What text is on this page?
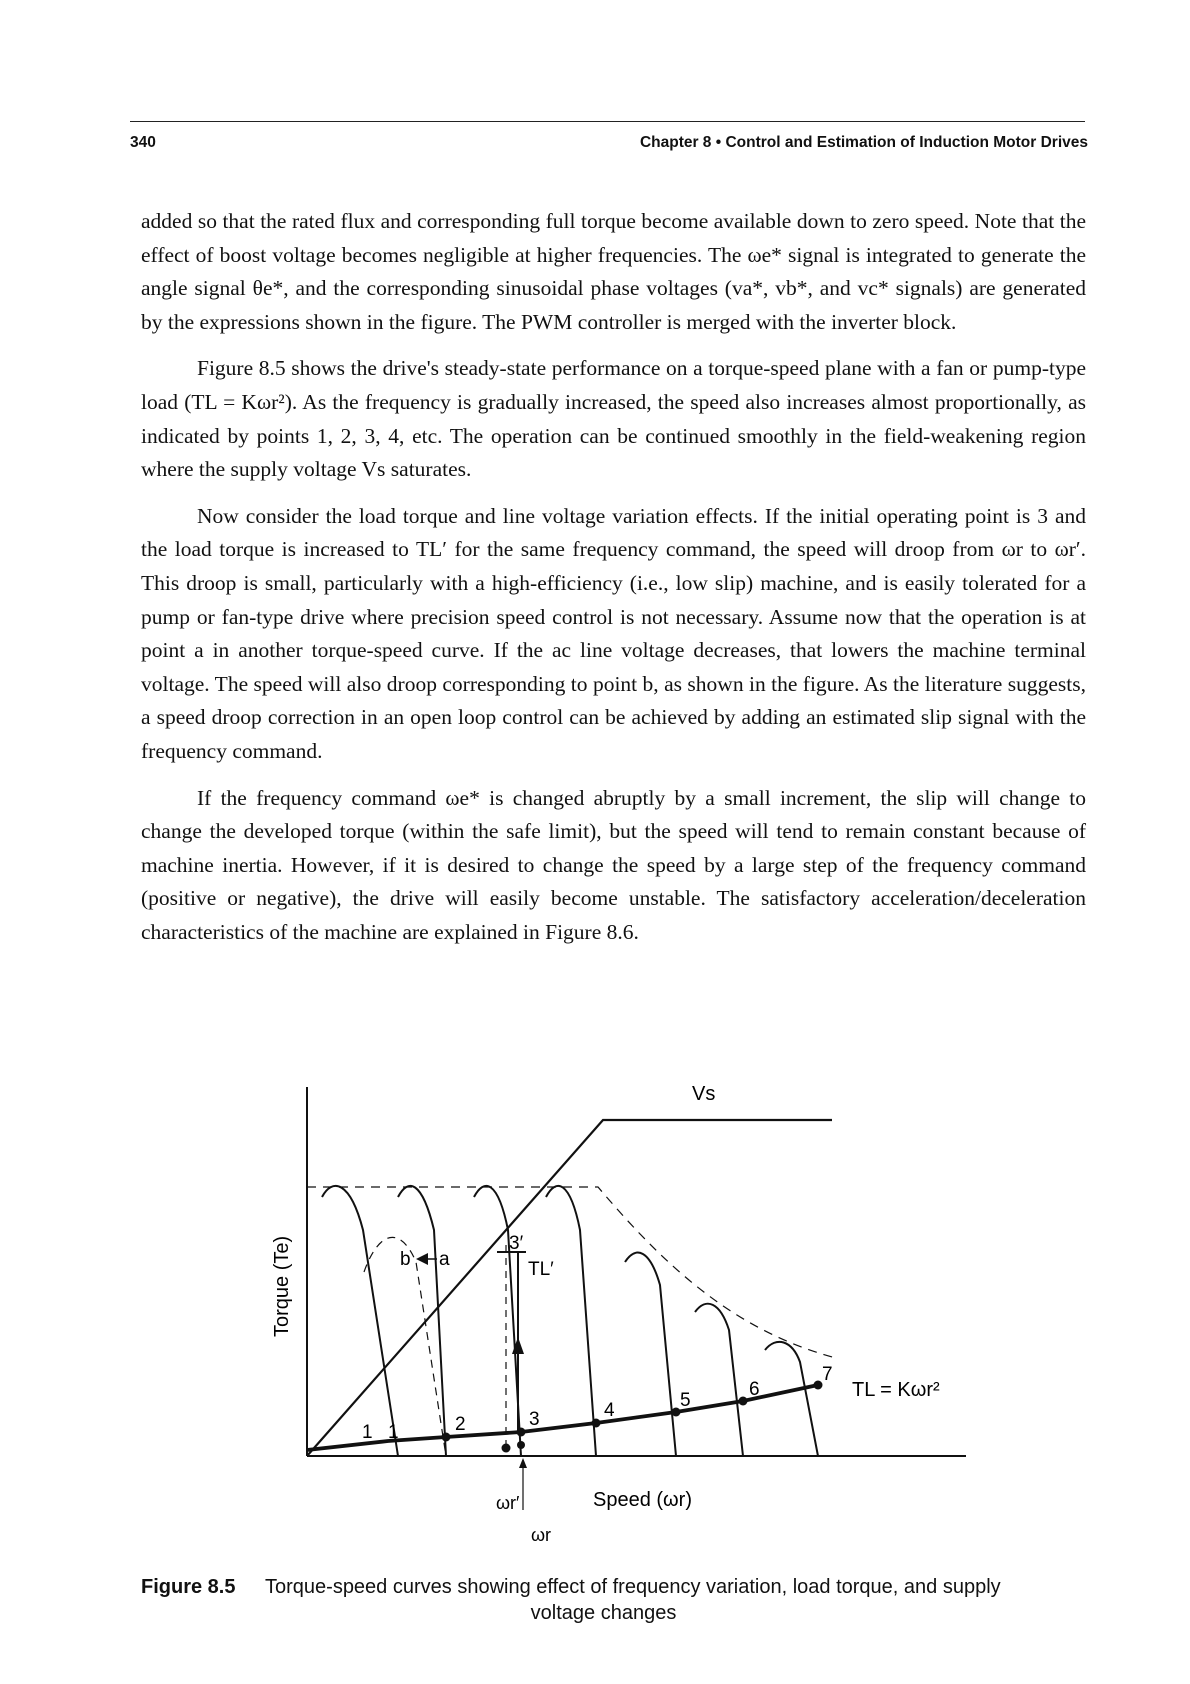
340	Chapter 8 • Control and Estimation of Induction Motor Drives

added so that the rated flux and corresponding full torque become available down to zero speed. Note that the effect of boost voltage becomes negligible at higher frequencies. The ωe* signal is integrated to generate the angle signal θe*, and the corresponding sinusoidal phase voltages (va*, vb*, and vc* signals) are generated by the expressions shown in the figure. The PWM controller is merged with the inverter block.

Figure 8.5 shows the drive's steady-state performance on a torque-speed plane with a fan or pump-type load (TL = Kωr²). As the frequency is gradually increased, the speed also increases almost proportionally, as indicated by points 1, 2, 3, 4, etc. The operation can be continued smoothly in the field-weakening region where the supply voltage Vs saturates.

Now consider the load torque and line voltage variation effects. If the initial operating point is 3 and the load torque is increased to TL′ for the same frequency command, the speed will droop from ωr to ωr′. This droop is small, particularly with a high-efficiency (i.e., low slip) machine, and is easily tolerated for a pump or fan-type drive where precision speed control is not necessary. Assume now that the operation is at point a in another torque-speed curve. If the ac line voltage decreases, that lowers the machine terminal voltage. The speed will also droop corresponding to point b, as shown in the figure. As the literature suggests, a speed droop correction in an open loop control can be achieved by adding an estimated slip signal with the frequency command.

If the frequency command ωe* is changed abruptly by a small increment, the slip will change to change the developed torque (within the safe limit), but the speed will tend to remain constant because of machine inertia. However, if it is desired to change the speed by a large step of the frequency command (positive or negative), the drive will easily become unstable. The satisfactory acceleration/deceleration characteristics of the machine are explained in Figure 8.6.

Vs
Torque (Te)
Speed (ωr)
TL = Kωr²
TL′
3′
ωr′
ωr
a
b
1 1	2	3	4	5
6
7
Figure 8.5 Torque-speed curves showing effect of frequency variation, load torque, and supply
voltage changes
